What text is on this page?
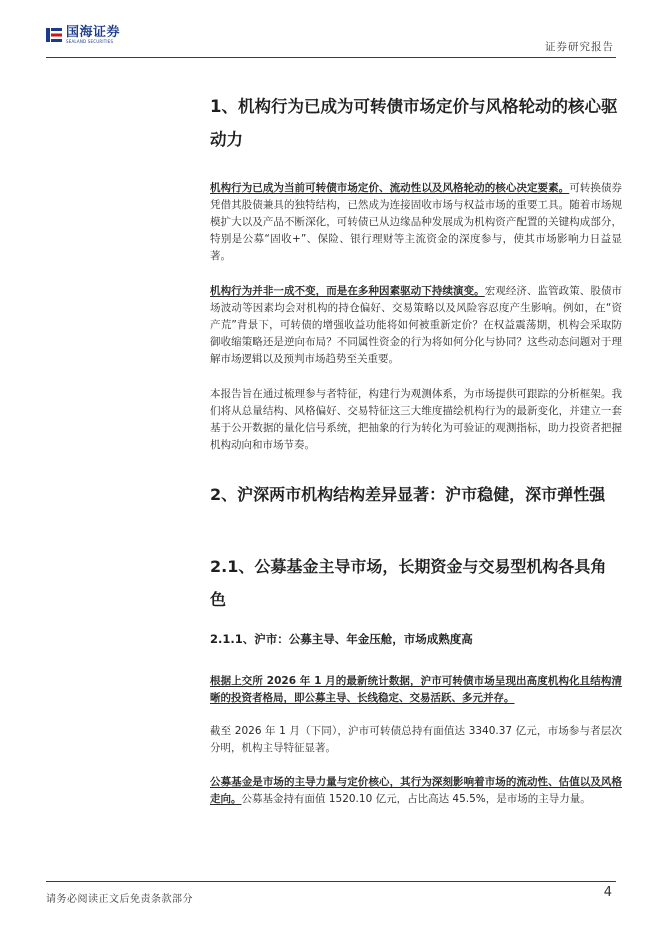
国海证券
SEALAND SECURITIES	证券研究报告
1、机构行为已成为可转债市场定价与风格轮动的核心驱动力

机构行为已成为当前可转债市场定价、流动性以及风格轮动的核心决定要素。可转换债券凭借其股债兼具的独特结构，已然成为连接固收市场与权益市场的重要工具。随着市场规模扩大以及产品不断深化，可转债已从边缘品种发展成为机构资产配置的关键构成部分，特别是公募“固收+”、保险、银行理财等主流资金的深度参与，使其市场影响力日益显著。

机构行为并非一成不变，而是在多种因素驱动下持续演变。宏观经济、监管政策、股债市场波动等因素均会对机构的持仓偏好、交易策略以及风险容忍度产生影响。例如，在“资产荒”背景下，可转债的增强收益功能将如何被重新定价？在权益震荡期，机构会采取防御收缩策略还是逆向布局？不同属性资金的行为将如何分化与协同？这些动态问题对于理解市场逻辑以及预判市场趋势至关重要。

本报告旨在通过梳理参与者特征，构建行为观测体系，为市场提供可跟踪的分析框架。我们将从总量结构、风格偏好、交易特征这三大维度描绘机构行为的最新变化，并建立一套基于公开数据的量化信号系统，把抽象的行为转化为可验证的观测指标，助力投资者把握机构动向和市场节奏。

2、沪深两市机构结构差异显著：沪市稳健，深市弹性强
2.1、公募基金主导市场，长期资金与交易型机构各具角色
2.1.1、沪市：公募主导、年金压舱，市场成熟度高

根据上交所 2026 年 1 月的最新统计数据，沪市可转债市场呈现出高度机构化且结构清晰的投资者格局，即公募主导、长线稳定、交易活跃、多元并存。

截至 2026 年 1 月（下同），沪市可转债总持有面值达 3340.37 亿元，市场参与者层次分明，机构主导特征显著。

公募基金是市场的主导力量与定价核心，其行为深刻影响着市场的流动性、估值以及风格走向。公募基金持有面值 1520.10 亿元，占比高达 45.5%，是市场的主导力量。

请务必阅读正文后免责条款部分	4
